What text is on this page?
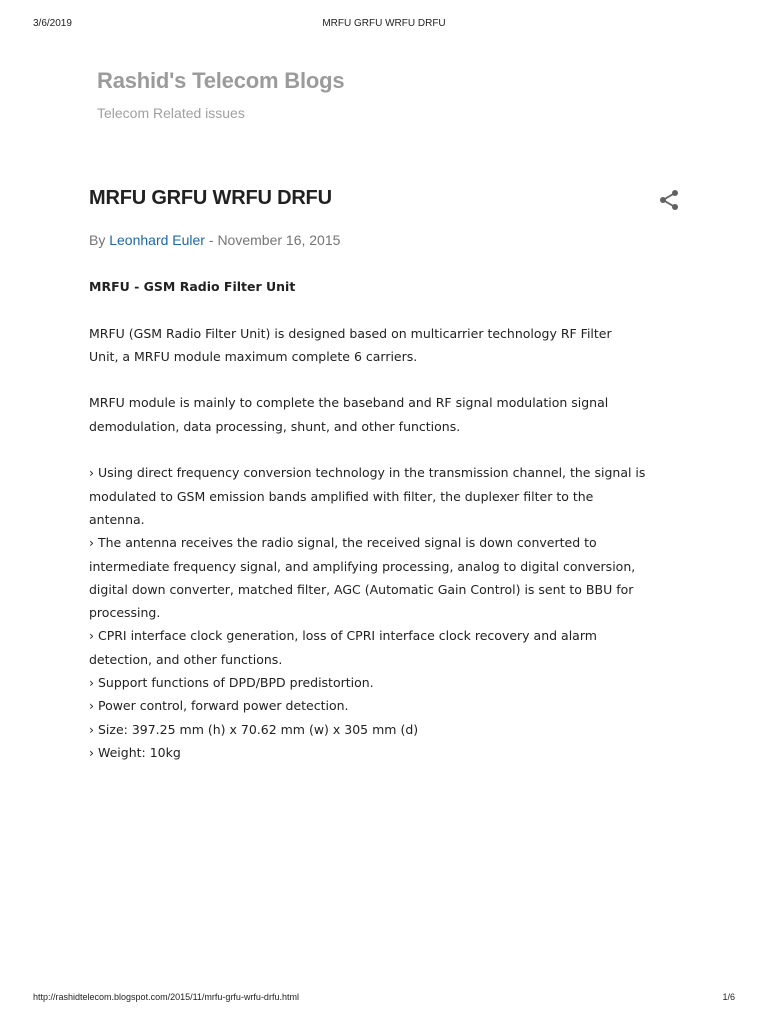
3/6/2019	MRFU GRFU WRFU DRFU
Rashid's Telecom Blogs
Telecom Related issues
MRFU GRFU WRFU DRFU
By Leonhard Euler - November 16, 2015

MRFU - GSM Radio Filter Unit

MRFU (GSM Radio Filter Unit) is designed based on multicarrier technology RF Filter

Unit, a MRFU module maximum complete 6 carriers.

MRFU module is mainly to complete the baseband and RF signal modulation signal

demodulation, data processing, shunt, and other functions.

› Using direct frequency conversion technology in the transmission channel, the signal is

modulated to GSM emission bands amplified with filter, the duplexer filter to the

antenna.

› The antenna receives the radio signal, the received signal is down converted to

intermediate frequency signal, and amplifying processing, analog to digital conversion,

digital down converter, matched filter, AGC (Automatic Gain Control) is sent to BBU for

processing.

› CPRI interface clock generation, loss of CPRI interface clock recovery and alarm

detection, and other functions.

› Support functions of DPD/BPD predistortion.

› Power control, forward power detection.

› Size: 397.25 mm (h) x 70.62 mm (w) x 305 mm (d)

› Weight: 10kg

http://rashidtelecom.blogspot.com/2015/11/mrfu-grfu-wrfu-drfu.html	1/6
